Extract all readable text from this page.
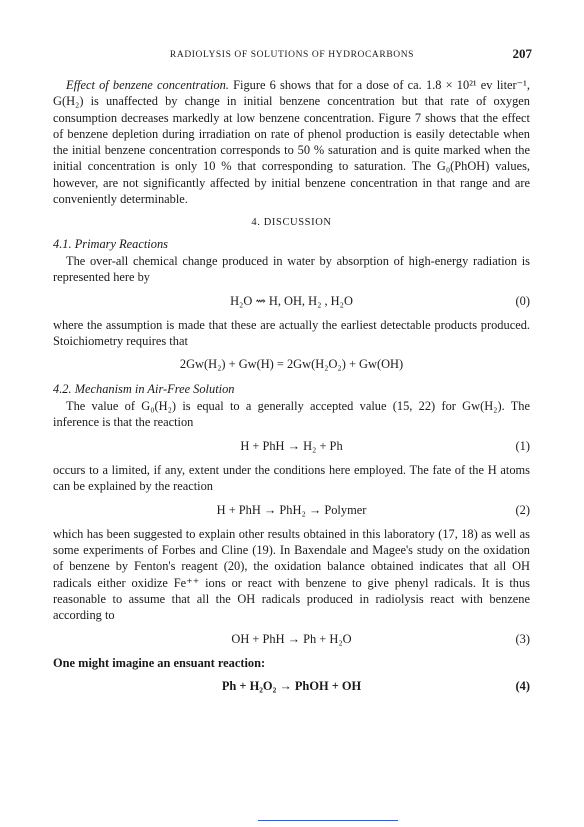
RADIOLYSIS OF SOLUTIONS OF HYDROCARBONS	207

Effect of benzene concentration. Figure 6 shows that for a dose of ca. 1.8 × 10²¹ ev liter⁻¹, G(H₂) is unaffected by change in initial benzene concentration but that rate of oxygen consumption decreases markedly at low benzene concentration. Figure 7 shows that the effect of benzene depletion during irradiation on rate of phenol production is easily detectable when the initial benzene concentration corresponds to 50 % saturation and is quite marked when the initial concentration is only 10 % that corresponding to saturation. The G₀(PhOH) values, however, are not significantly affected by initial benzene concentration in that range and are conveniently determinable.

4. DISCUSSION
4.1. Primary Reactions

The over-all chemical change produced in water by absorption of high-energy radiation is represented here by

H₂O ⇝ H, OH, H₂ , H₂O	(0)

where the assumption is made that these are actually the earliest detectable products produced. Stoichiometry requires that

2Gw(H₂) + Gw(H) = 2Gw(H₂O₂) + Gw(OH)
4.2. Mechanism in Air-Free Solution

The value of G₀(H₂) is equal to a generally accepted value (15, 22) for Gw(H₂). The inference is that the reaction

H + PhH → H₂ + Ph	(1)

occurs to a limited, if any, extent under the conditions here employed. The fate of the H atoms can be explained by the reaction

H + PhH → PhH₂ → Polymer	(2)

which has been suggested to explain other results obtained in this laboratory (17, 18) as well as some experiments of Forbes and Cline (19). In Baxendale and Magee's study on the oxidation of benzene by Fenton's reagent (20), the oxidation balance obtained indicates that all OH radicals either oxidize Fe⁺⁺ ions or react with benzene to give phenyl radicals. It is thus reasonable to assume that all the OH radicals produced in radiolysis react with benzene according to

OH + PhH → Ph + H₂O	(3)

One might imagine an ensuant reaction:

Ph + H₂O₂ → PhOH + OH	(4)
